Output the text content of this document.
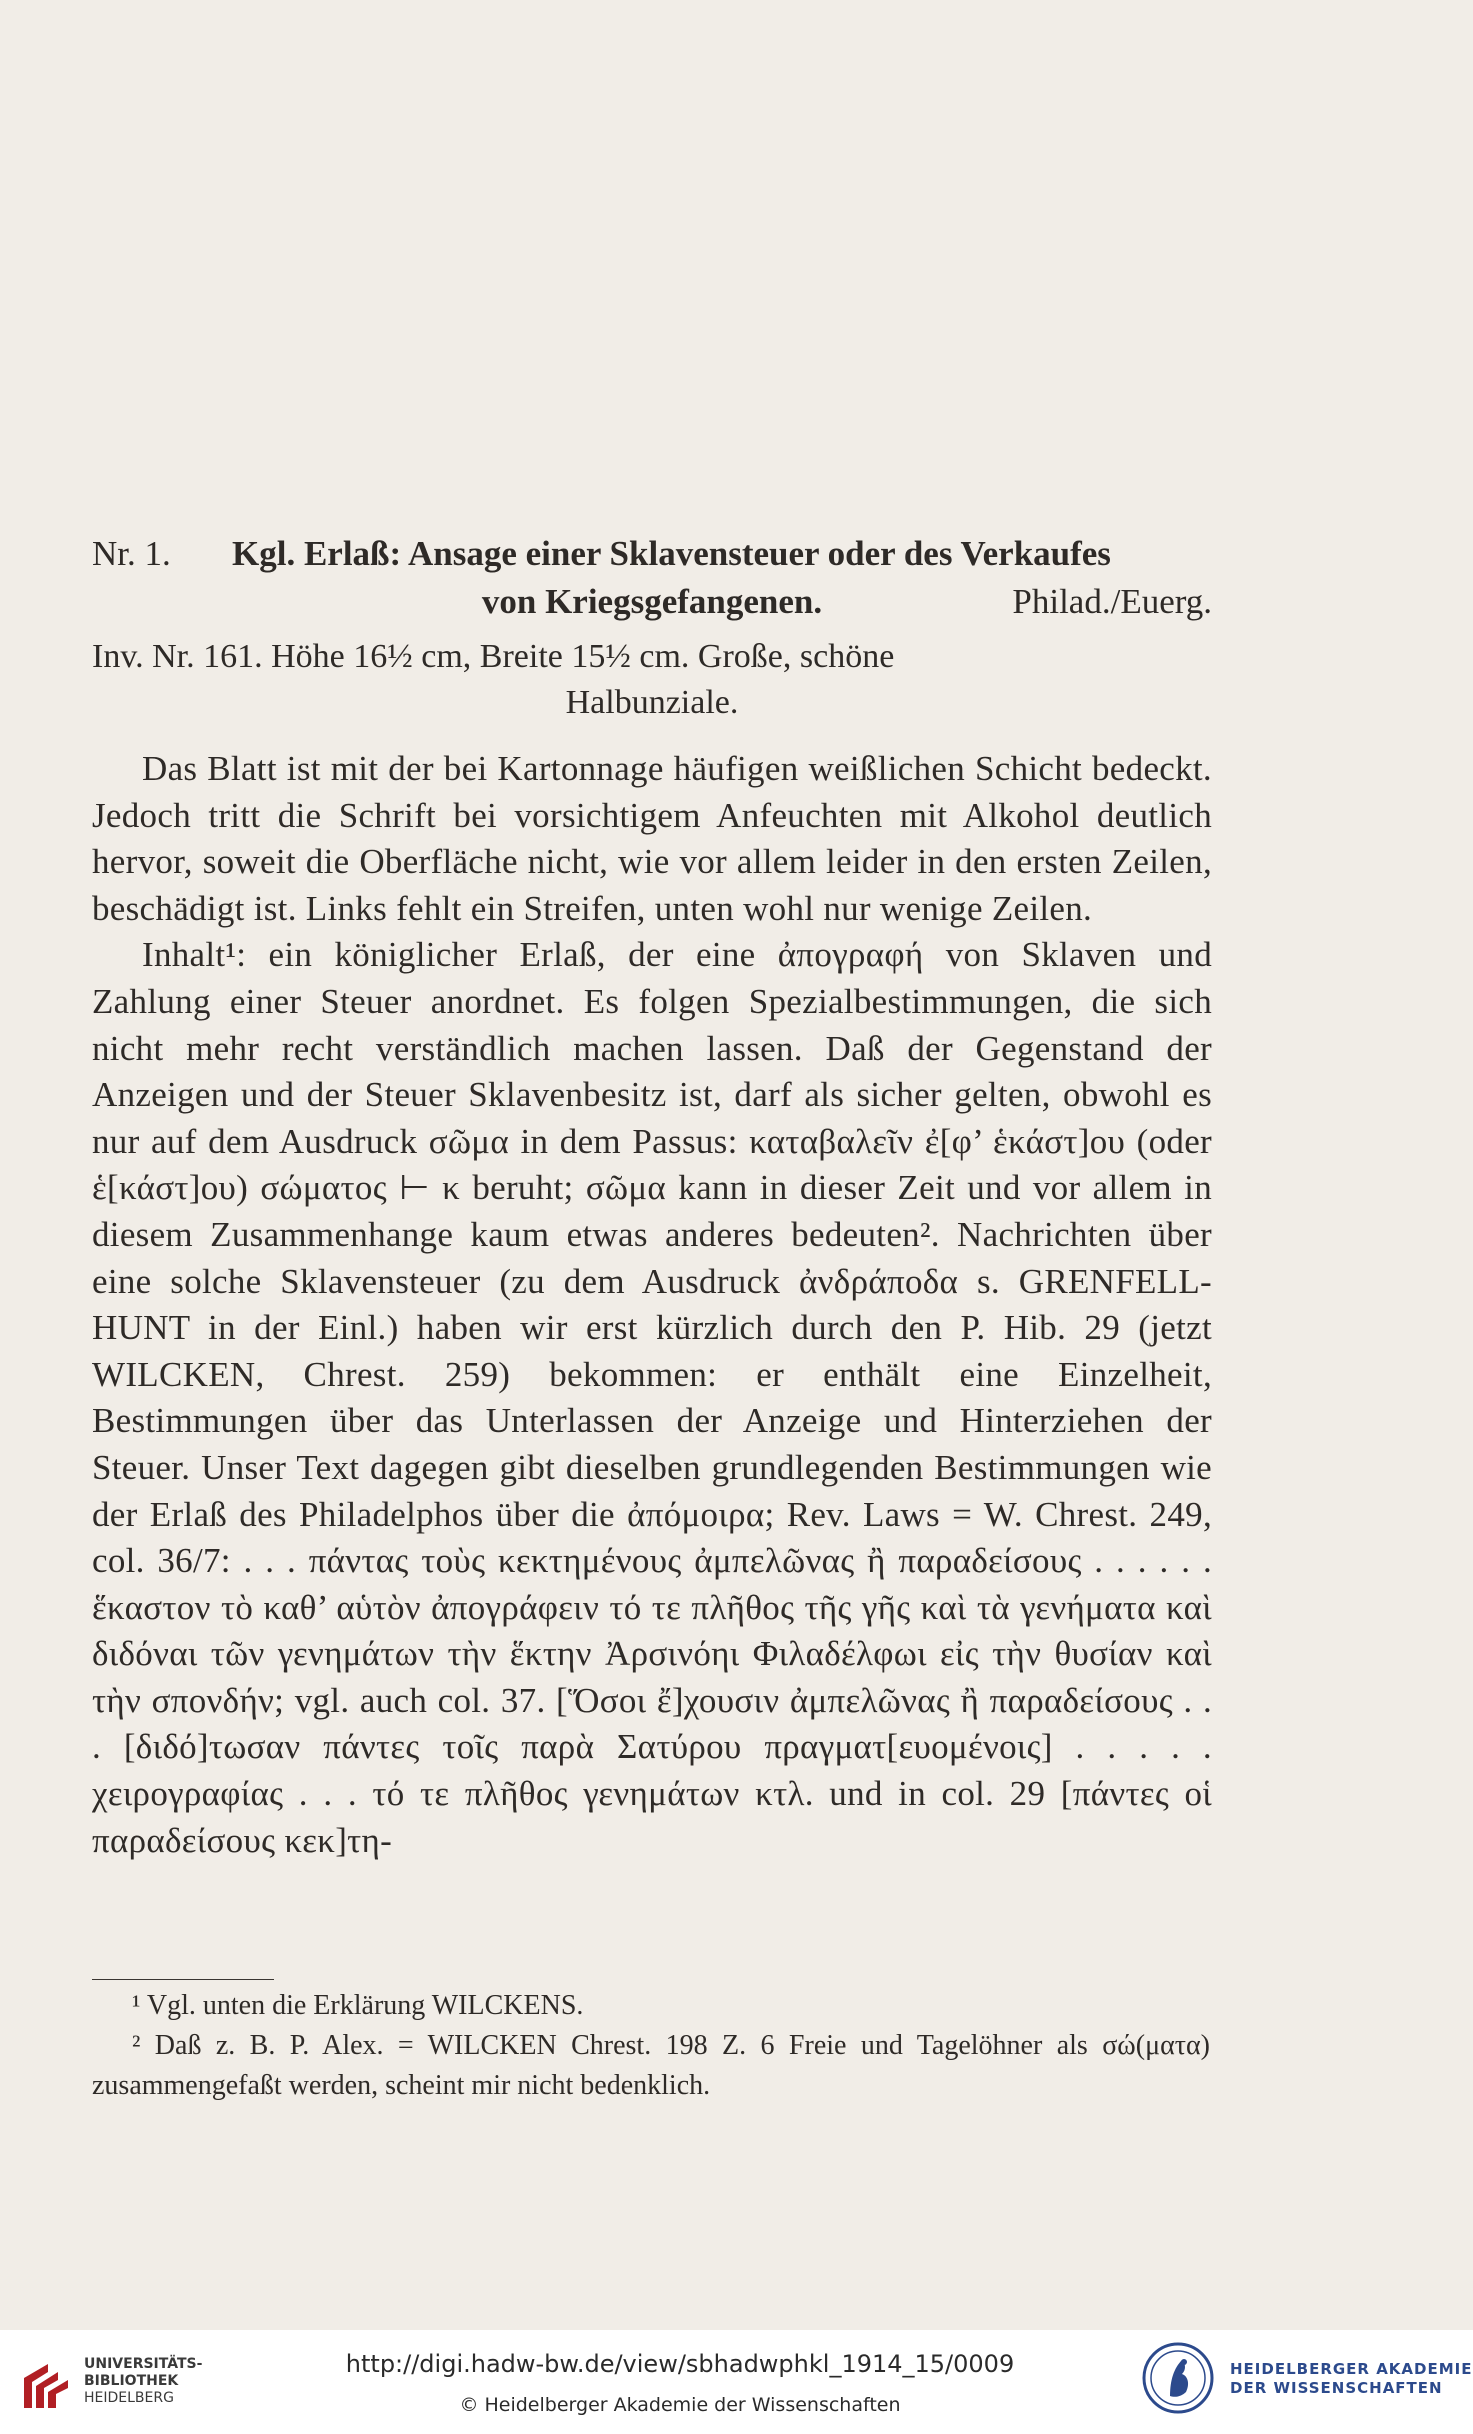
Nr. 1. Kgl. Erlaß: Ansage einer Sklavensteuer oder des Verkaufes
von Kriegsgefangenen.	Philad./Euerg.
Inv. Nr. 161. Höhe 16½ cm, Breite 15½ cm. Große, schöne
Halbunziale.

Das Blatt ist mit der bei Kartonnage häufigen weißlichen Schicht bedeckt. Jedoch tritt die Schrift bei vorsichtigem Anfeuchten mit Alkohol deutlich hervor, soweit die Oberfläche nicht, wie vor allem leider in den ersten Zeilen, beschädigt ist. Links fehlt ein Streifen, unten wohl nur wenige Zeilen.

Inhalt¹: ein königlicher Erlaß, der eine ἀπογραφή von Sklaven und Zahlung einer Steuer anordnet. Es folgen Spezialbestimmungen, die sich nicht mehr recht verständlich machen lassen. Daß der Gegenstand der Anzeigen und der Steuer Sklavenbesitz ist, darf als sicher gelten, obwohl es nur auf dem Ausdruck σῶμα in dem Passus: καταβαλεῖν ἐ[φ’ ἑκάστ]ου (oder ἑ[κάστ]ου) σώματος ⊢ κ beruht; σῶμα kann in dieser Zeit und vor allem in diesem Zusammenhange kaum etwas anderes bedeuten². Nachrichten über eine solche Sklavensteuer (zu dem Ausdruck ἀνδράποδα s. GRENFELL-HUNT in der Einl.) haben wir erst kürzlich durch den P. Hib. 29 (jetzt WILCKEN, Chrest. 259) bekommen: er enthält eine Einzelheit, Bestimmungen über das Unterlassen der Anzeige und Hinterziehen der Steuer. Unser Text dagegen gibt dieselben grundlegenden Bestimmungen wie der Erlaß des Philadelphos über die ἀπόμοιρα; Rev. Laws = W. Chrest. 249, col. 36/7: . . . πάντας τοὺς κεκτημένους ἀμπελῶνας ἢ παραδείσους . . . . . . ἕκαστον τὸ καθ’ αὑτὸν ἀπογράφειν τό τε πλῆθος τῆς γῆς καὶ τὰ γενήματα καὶ διδόναι τῶν γενημάτων τὴν ἕκτην Ἀρσινόηι Φιλαδέλφωι εἰς τὴν θυσίαν καὶ τὴν σπονδήν; vgl. auch col. 37. [Ὅσοι ἔ]χουσιν ἀμπελῶνας ἢ παραδείσους . . . [διδό]τωσαν πάντες τοῖς παρὰ Σατύρου πραγματ[ευομένοις] . . . . . χειρογραφίας . . . τό τε πλῆθος γενημάτων κτλ. und in col. 29 [πάντες οἱ παραδείσους κεκ]τη-

¹ Vgl. unten die Erklärung WILCKENS.

² Daß z. B. P. Alex. = WILCKEN Chrest. 198 Z. 6 Freie und Tagelöhner als σώ(ματα) zusammengefaßt werden, scheint mir nicht bedenklich.

UNIVERSITÄTS-
BIBLIOTHEK
HEIDELBERG
http://digi.hadw-bw.de/view/sbhadwphkl_1914_15/0009
© Heidelberger Akademie der Wissenschaften
HEIDELBERGER AKADEMIE
DER WISSENSCHAFTEN
